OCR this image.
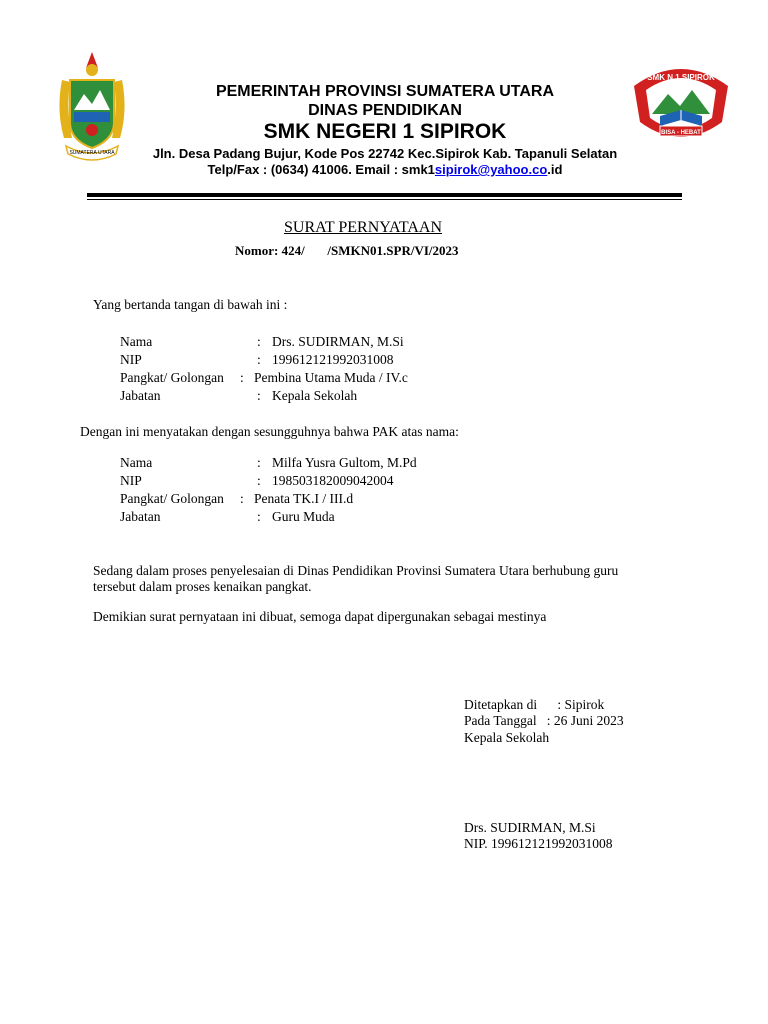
SUMATERA UTARA
PEMERINTAH PROVINSI SUMATERA UTARA
DINAS PENDIDIKAN
SMK NEGERI 1 SIPIROK
Jln. Desa Padang Bujur, Kode Pos 22742 Kec.Sipirok Kab. Tapanuli Selatan
Telp/Fax : (0634) 41006. Email : smk1sipirok@yahoo.co.id
SMK N 1 SIPIROK
BISA - HEBAT
SURAT PERNYATAAN
Nomor: 424/       /SMKN01.SPR/VI/2023
Yang bertanda tangan di bawah ini :
Nama	: Drs. SUDIRMAN, M.Si
NIP	: 199612121992031008
Pangkat/ Golongan : Pembina Utama Muda / IV.c
Jabatan	: Kepala Sekolah
Dengan ini menyatakan dengan sesungguhnya bahwa PAK atas nama:
Nama	: Milfa Yusra Gultom, M.Pd
NIP	: 198503182009042004
Pangkat/ Golongan : Penata TK.I / III.d
Jabatan	: Guru Muda
Sedang dalam proses penyelesaian di Dinas Pendidikan Provinsi Sumatera Utara berhubung guru
tersebut dalam proses kenaikan pangkat.
Demikian surat pernyataan ini dibuat, semoga dapat dipergunakan sebagai mestinya
Ditetapkan di      : Sipirok
Pada Tanggal   : 26 Juni 2023
Kepala Sekolah
Drs. SUDIRMAN, M.Si
NIP. 199612121992031008
